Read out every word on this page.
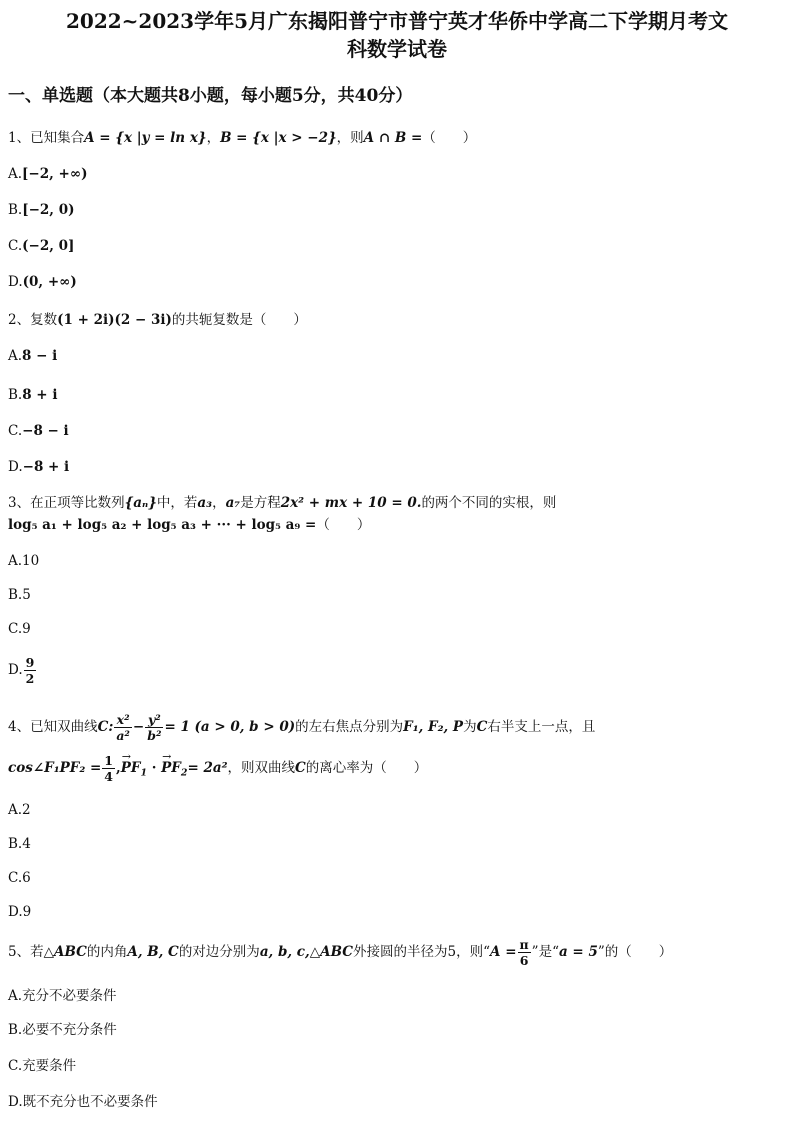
2022~2023学年5月广东揭阳普宁市普宁英才华侨中学高二下学期月考文
科数学试卷
一、单选题（本大题共8小题，每小题5分，共40分）
1、已知集合A = {x |y = ln x}，B = {x |x > −2}，则A ∩ B =（　　）
A.[−2, +∞)
B.[−2, 0)
C.(−2, 0]
D.(0, +∞)
2、复数(1 + 2i)(2 − 3i)的共轭复数是（　　）
A.8 − i
B.8 + i
C.−8 − i
D.−8 + i
3、在正项等比数列{aₙ}中，若a₃，a₇是方程2x² + mx + 10 = 0.的两个不同的实根，则
log₅ a₁ + log₅ a₂ + log₅ a₃ + ··· + log₅ a₉ =（　　）
A.10
B.5
C.9
D. $\frac{9}{2}$
4、已知双曲线C: $\frac{\text{x²}}{\text{a²}} - \frac{\text{y²}}{\text{b²}} = 1$ (a > 0, b > 0)的左右焦点分别为F₁, F₂, P为C右半支上一点，且
cos∠F₁PF₂ = $\frac{1}{4}$ ,→ $PF_1$ · → $PF_2= 2a^2$，则双曲线C的离心率为（　　）
A.2
B.4
C.6
D.9
5、若△ABC的内角A, B, C的对边分别为a, b, c,△ABC外接圆的半径为5，则“$A = \frac{\pi}{6}$ ”是“a = 5”的（　　）
A.充分不必要条件
B.必要不充分条件
C.充要条件
D.既不充分也不必要条件
